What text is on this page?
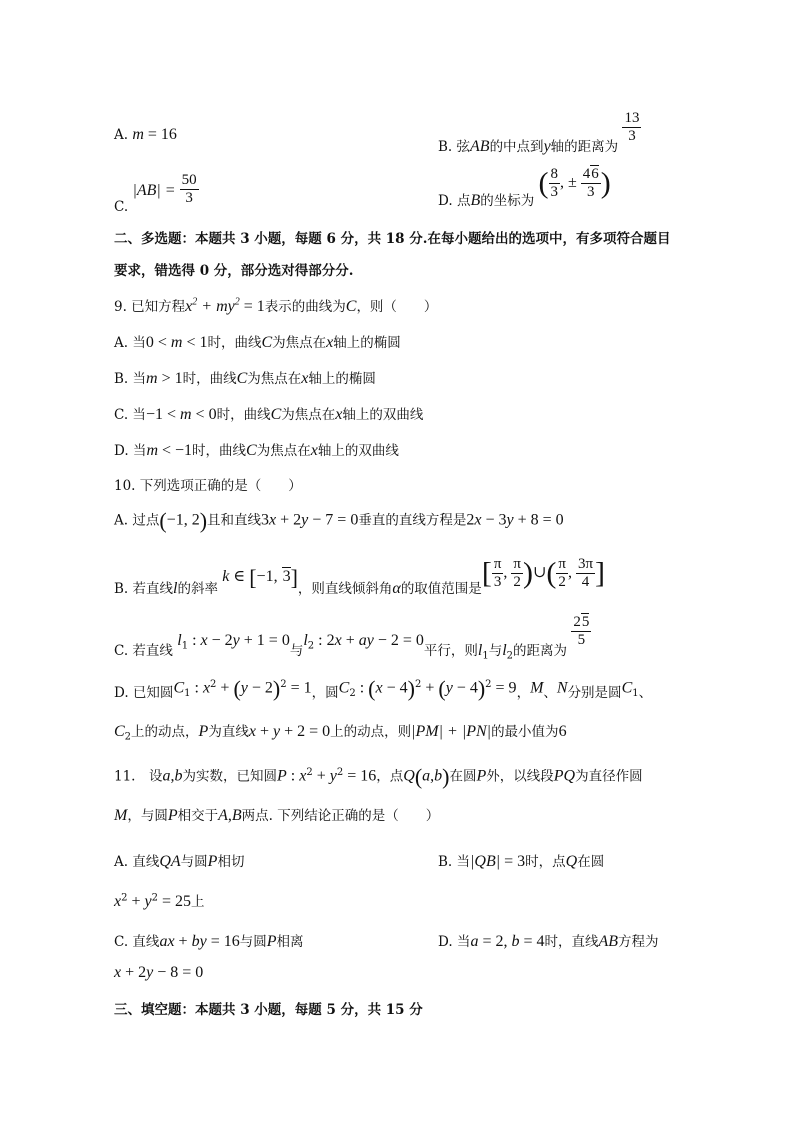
A. m = 16
B. 弦AB的中点到y轴的距离为
$\frac{13}{3}$
C. $|AB| = \frac{50}{3}$	D. 点B的坐标为 ( $\frac{8}{3}$ , ± $\frac{46}{3}$ )
二、多选题：本题共 3 小题，每题 6 分，共 18 分.在每小题给出的选项中，有多项符合题目
要求，错选得 0 分，部分选对得部分分.
9. 已知方程$x^2 + my^2 = 1$表示的曲线为C，则（　　）
A. 当0 < m < 1时，曲线C为焦点在x轴上的椭圆
B. 当m > 1时，曲线C为焦点在x轴上的椭圆
C. 当−1 < m < 0时，曲线C为焦点在x轴上的双曲线
D. 当m < −1时，曲线C为焦点在x轴上的双曲线
10. 下列选项正确的是（　　）
A. 过点(−1, 2)且和直线3x + 2y − 7 = 0垂直的直线方程是2x − 3y + 8 = 0
B. 若直线l的斜率 k ∈ [−1, 3]，则直线倾斜角α的取值范围是[ $\frac{\pi}{3}$ , $\frac{\pi}{2}$ )∪( $\frac{\pi}{2}$ , $\frac{3\pi}{4}$ ]
C. 若直线 $l_1$ : x − 2y + 1 = 0与$l_2$ : 2x + ay − 2 = 0平行，则$l_1$与$l_2$的距离为
$\frac{25}{5}$
D. 已知圆$C_1$ : $x^2 + (y - 2)^2 = 1$，圆$C_2$ : $(x - 4)^2 + (y - 4)^2 = 9$，M、N分别是圆$C_1$、
$C_2$上的动点，P为直线x + y + 2 = 0上的动点，则|PM| + |PN|的最小值为6
11.　设a,b为实数，已知圆P : $x^2 + y^2 = 16$，点Q(a,b)在圆P外，以线段PQ为直径作圆
M，与圆P相交于A,B两点. 下列结论正确的是（　　）
A. 直线QA与圆P相切	B. 当|QB| = 3时，点Q在圆
$x^2 + y^2 = 25$上
C. 直线ax + by = 16与圆P相离	D. 当a = 2, b = 4时，直线AB方程为
x + 2y − 8 = 0
三、填空题：本题共 3 小题，每题 5 分，共 15 分
